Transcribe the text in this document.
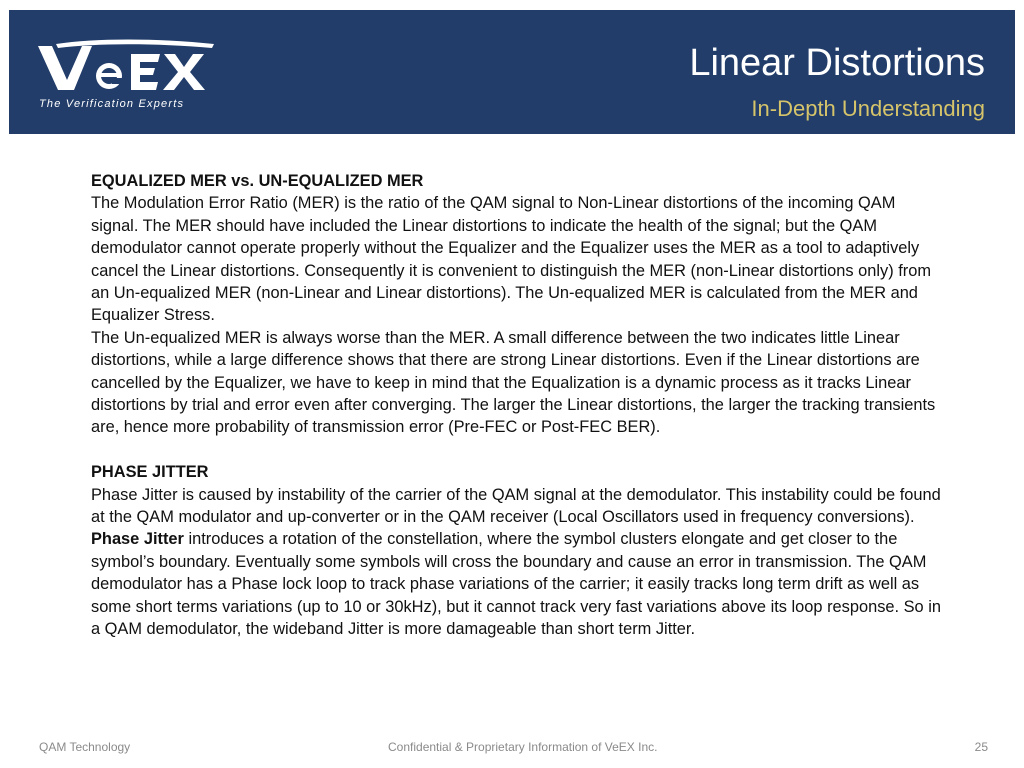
The Verification Experts
Linear Distortions
In-Depth Understanding

EQUALIZED MER vs. UN-EQUALIZED MER

The Modulation Error Ratio (MER) is the ratio of the QAM signal to Non-Linear distortions of the incoming QAM signal. The MER should have included the Linear distortions to indicate the health of the signal; but the QAM demodulator cannot operate properly without the Equalizer and the Equalizer uses the MER as a tool to adaptively cancel the Linear distortions. Consequently it is convenient to distinguish the MER (non-Linear distortions only) from an Un-equalized MER (non-Linear and Linear distortions). The Un-equalized MER is calculated from the MER and Equalizer Stress.

The Un-equalized MER is always worse than the MER. A small difference between the two indicates little Linear distortions, while a large difference shows that there are strong Linear distortions. Even if the Linear distortions are cancelled by the Equalizer, we have to keep in mind that the Equalization is a dynamic process as it tracks Linear distortions by trial and error even after converging. The larger the Linear distortions, the larger the tracking transients are, hence more probability of transmission error (Pre-FEC or Post-FEC BER).

PHASE JITTER

Phase Jitter is caused by instability of the carrier of the QAM signal at the demodulator. This instability could be found at the QAM modulator and up-converter or in the QAM receiver (Local Oscillators used in frequency conversions). Phase Jitter introduces a rotation of the constellation, where the symbol clusters elongate and get closer to the symbol’s boundary. Eventually some symbols will cross the boundary and cause an error in transmission. The QAM demodulator has a Phase lock loop to track phase variations of the carrier; it easily tracks long term drift as well as some short terms variations (up to 10 or 30kHz), but it cannot track very fast variations above its loop response. So in a QAM demodulator, the wideband Jitter is more damageable than short term Jitter.

QAM Technology	Confidential & Proprietary Information of VeEX Inc.	25
